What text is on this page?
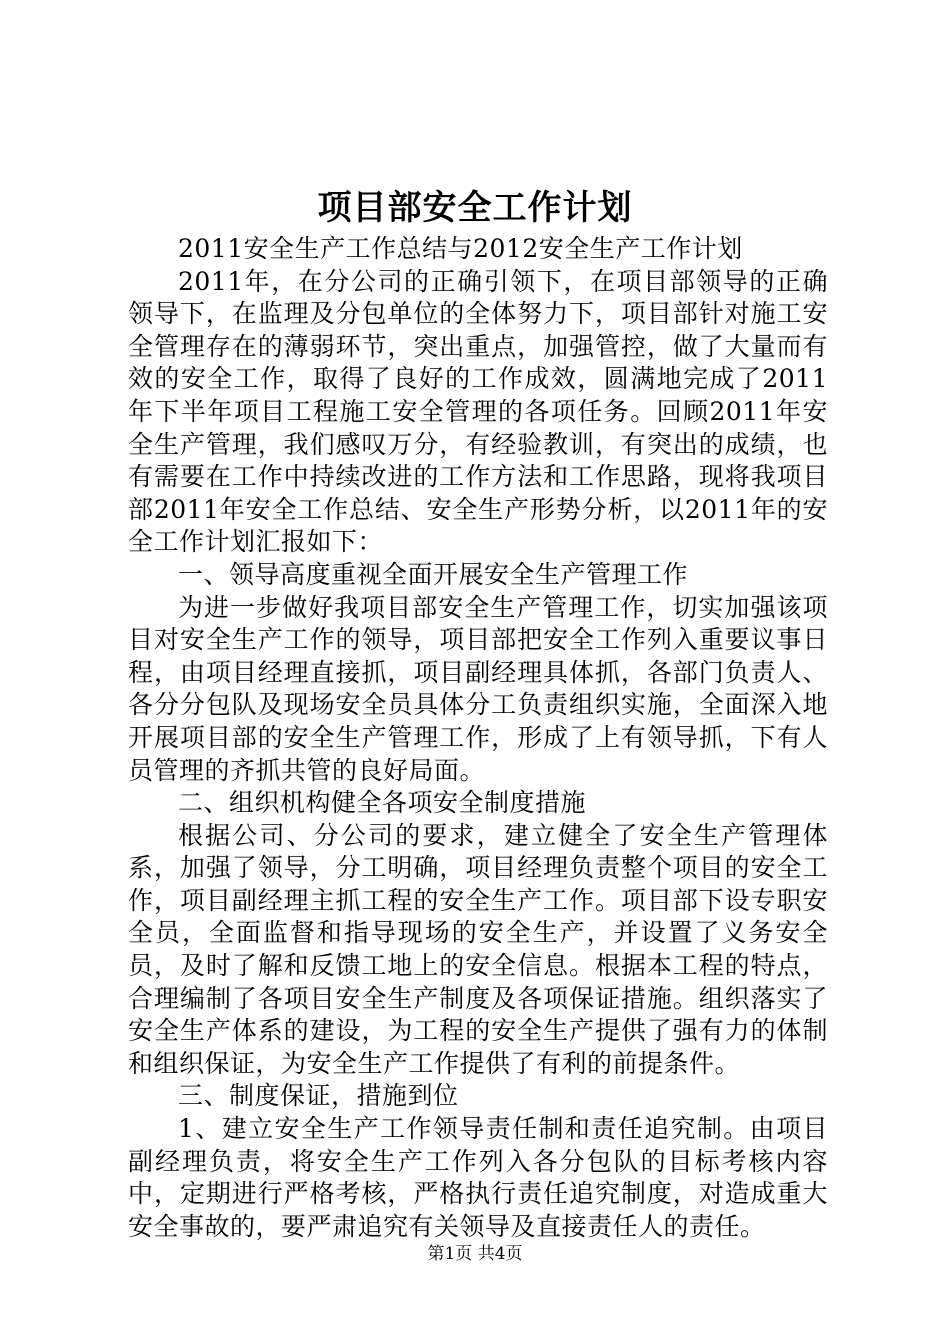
项目部安全工作计划

2011安全生产工作总结与2012安全生产工作计划

2011年，在分公司的正确引领下，在项目部领导的正确领导下，在监理及分包单位的全体努力下，项目部针对施工安全管理存在的薄弱环节，突出重点，加强管控，做了大量而有效的安全工作，取得了良好的工作成效，圆满地完成了2011年下半年项目工程施工安全管理的各项任务。回顾2011年安全生产管理，我们感叹万分，有经验教训，有突出的成绩，也有需要在工作中持续改进的工作方法和工作思路，现将我项目部2011年安全工作总结、安全生产形势分析，以2011年的安全工作计划汇报如下：

一、领导高度重视全面开展安全生产管理工作

为进一步做好我项目部安全生产管理工作，切实加强该项目对安全生产工作的领导，项目部把安全工作列入重要议事日程，由项目经理直接抓，项目副经理具体抓，各部门负责人、各分分包队及现场安全员具体分工负责组织实施，全面深入地开展项目部的安全生产管理工作，形成了上有领导抓，下有人员管理的齐抓共管的良好局面。

二、组织机构健全各项安全制度措施

根据公司、分公司的要求，建立健全了安全生产管理体系，加强了领导，分工明确，项目经理负责整个项目的安全工作，项目副经理主抓工程的安全生产工作。项目部下设专职安全员，全面监督和指导现场的安全生产，并设置了义务安全员，及时了解和反馈工地上的安全信息。根据本工程的特点，合理编制了各项目安全生产制度及各项保证措施。组织落实了安全生产体系的建设，为工程的安全生产提供了强有力的体制和组织保证，为安全生产工作提供了有利的前提条件。

三、制度保证，措施到位

1、建立安全生产工作领导责任制和责任追究制。由项目副经理负责，将安全生产工作列入各分包队的目标考核内容中，定期进行严格考核，严格执行责任追究制度，对造成重大安全事故的，要严肃追究有关领导及直接责任人的责任。

第1页 共4页
